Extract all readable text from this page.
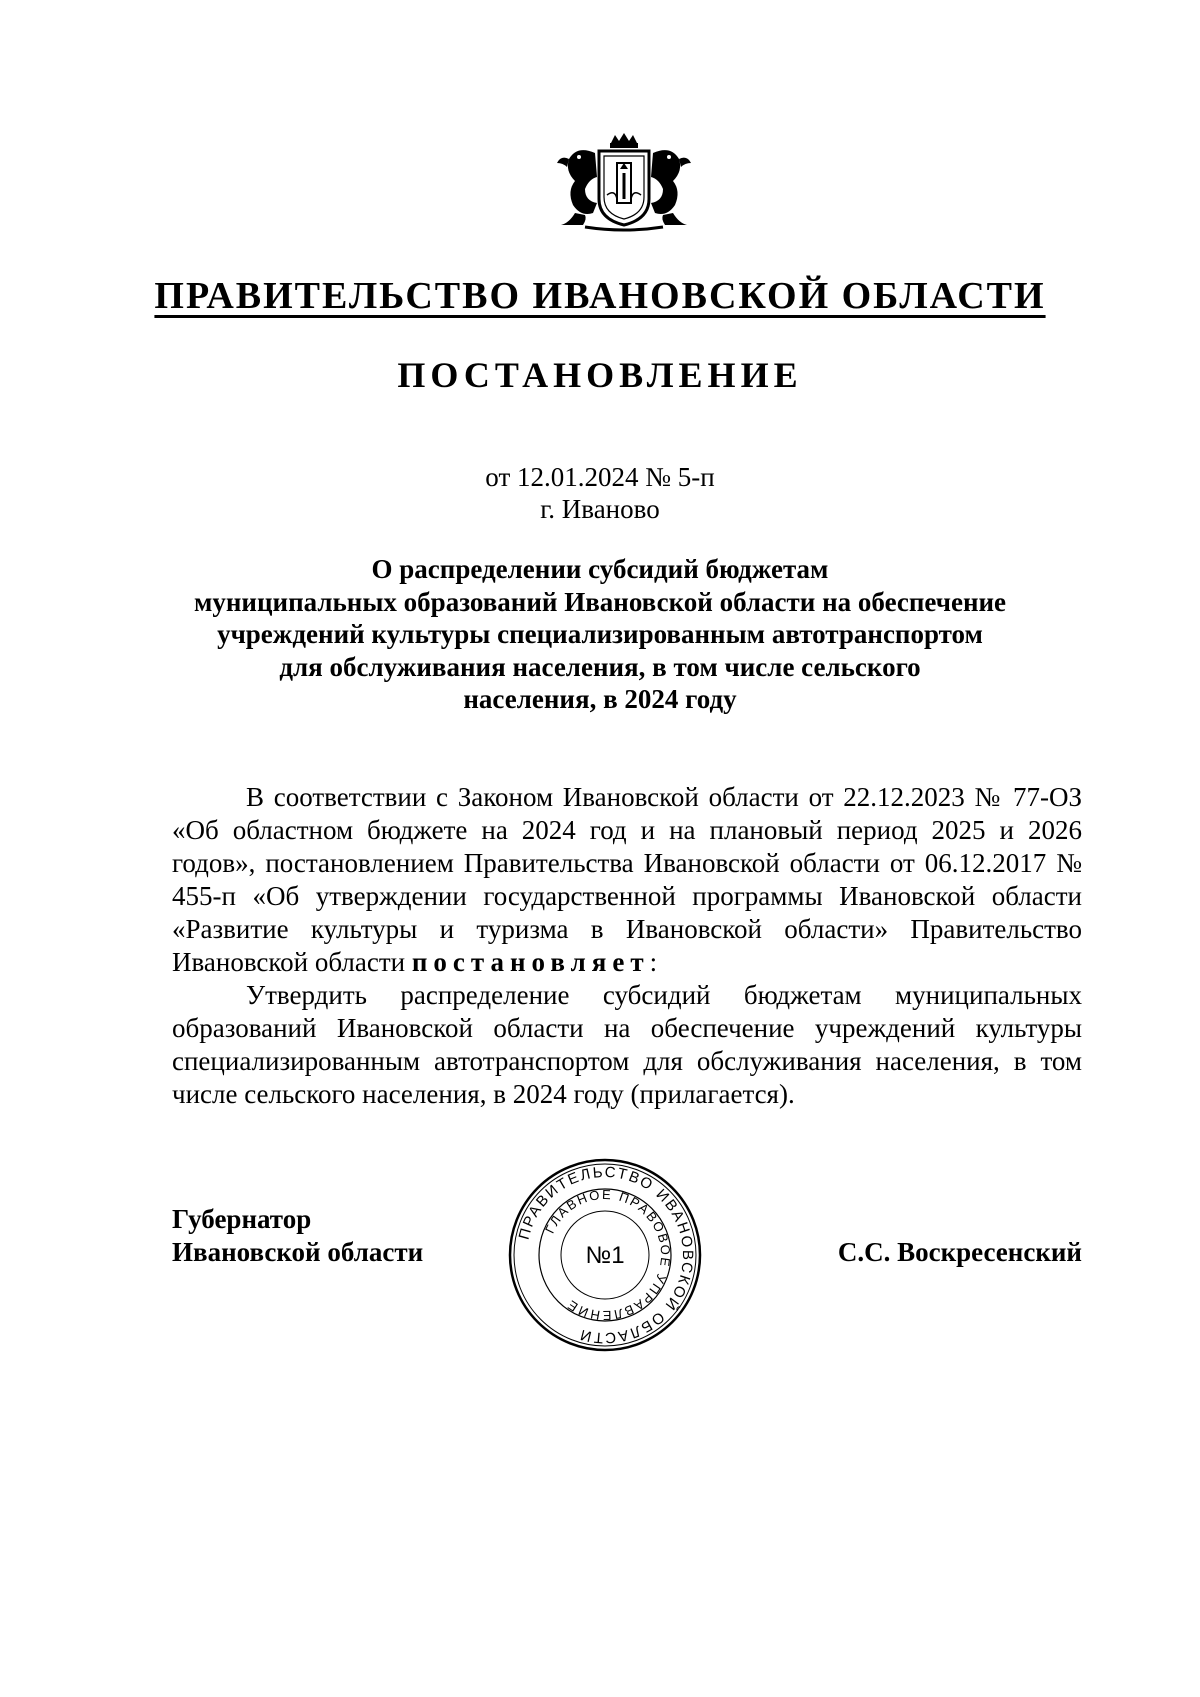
ПРАВИТЕЛЬСТВО ИВАНОВСКОЙ ОБЛАСТИ
ПОСТАНОВЛЕНИЕ
от 12.01.2024 № 5-п
г. Иваново
О распределении субсидий бюджетам
муниципальных образований Ивановской области на обеспечение
учреждений культуры специализированным автотранспортом
для обслуживания населения, в том числе сельского
населения, в 2024 году

В соответствии с Законом Ивановской области от 22.12.2023 № 77-ОЗ «Об областном бюджете на 2024 год и на плановый период 2025 и 2026 годов», постановлением Правительства Ивановской области от 06.12.2017 № 455-п «Об утверждении государственной программы Ивановской области «Развитие культуры и туризма в Ивановской области» Правительство Ивановской области постановляет:

Утвердить распределение субсидий бюджетам муниципальных образований Ивановской области на обеспечение учреждений культуры специализированным автотранспортом для обслуживания населения, в том числе сельского населения, в 2024 году (прилагается).

Губернатор
Ивановской области
ПРАВИТЕЛЬСТВО ИВАНОВСКОЙ ОБЛАСТИ
ГЛАВНОЕ ПРАВОВОЕ УПРАВЛЕНИЕ
№1	С.С. Воскресенский
